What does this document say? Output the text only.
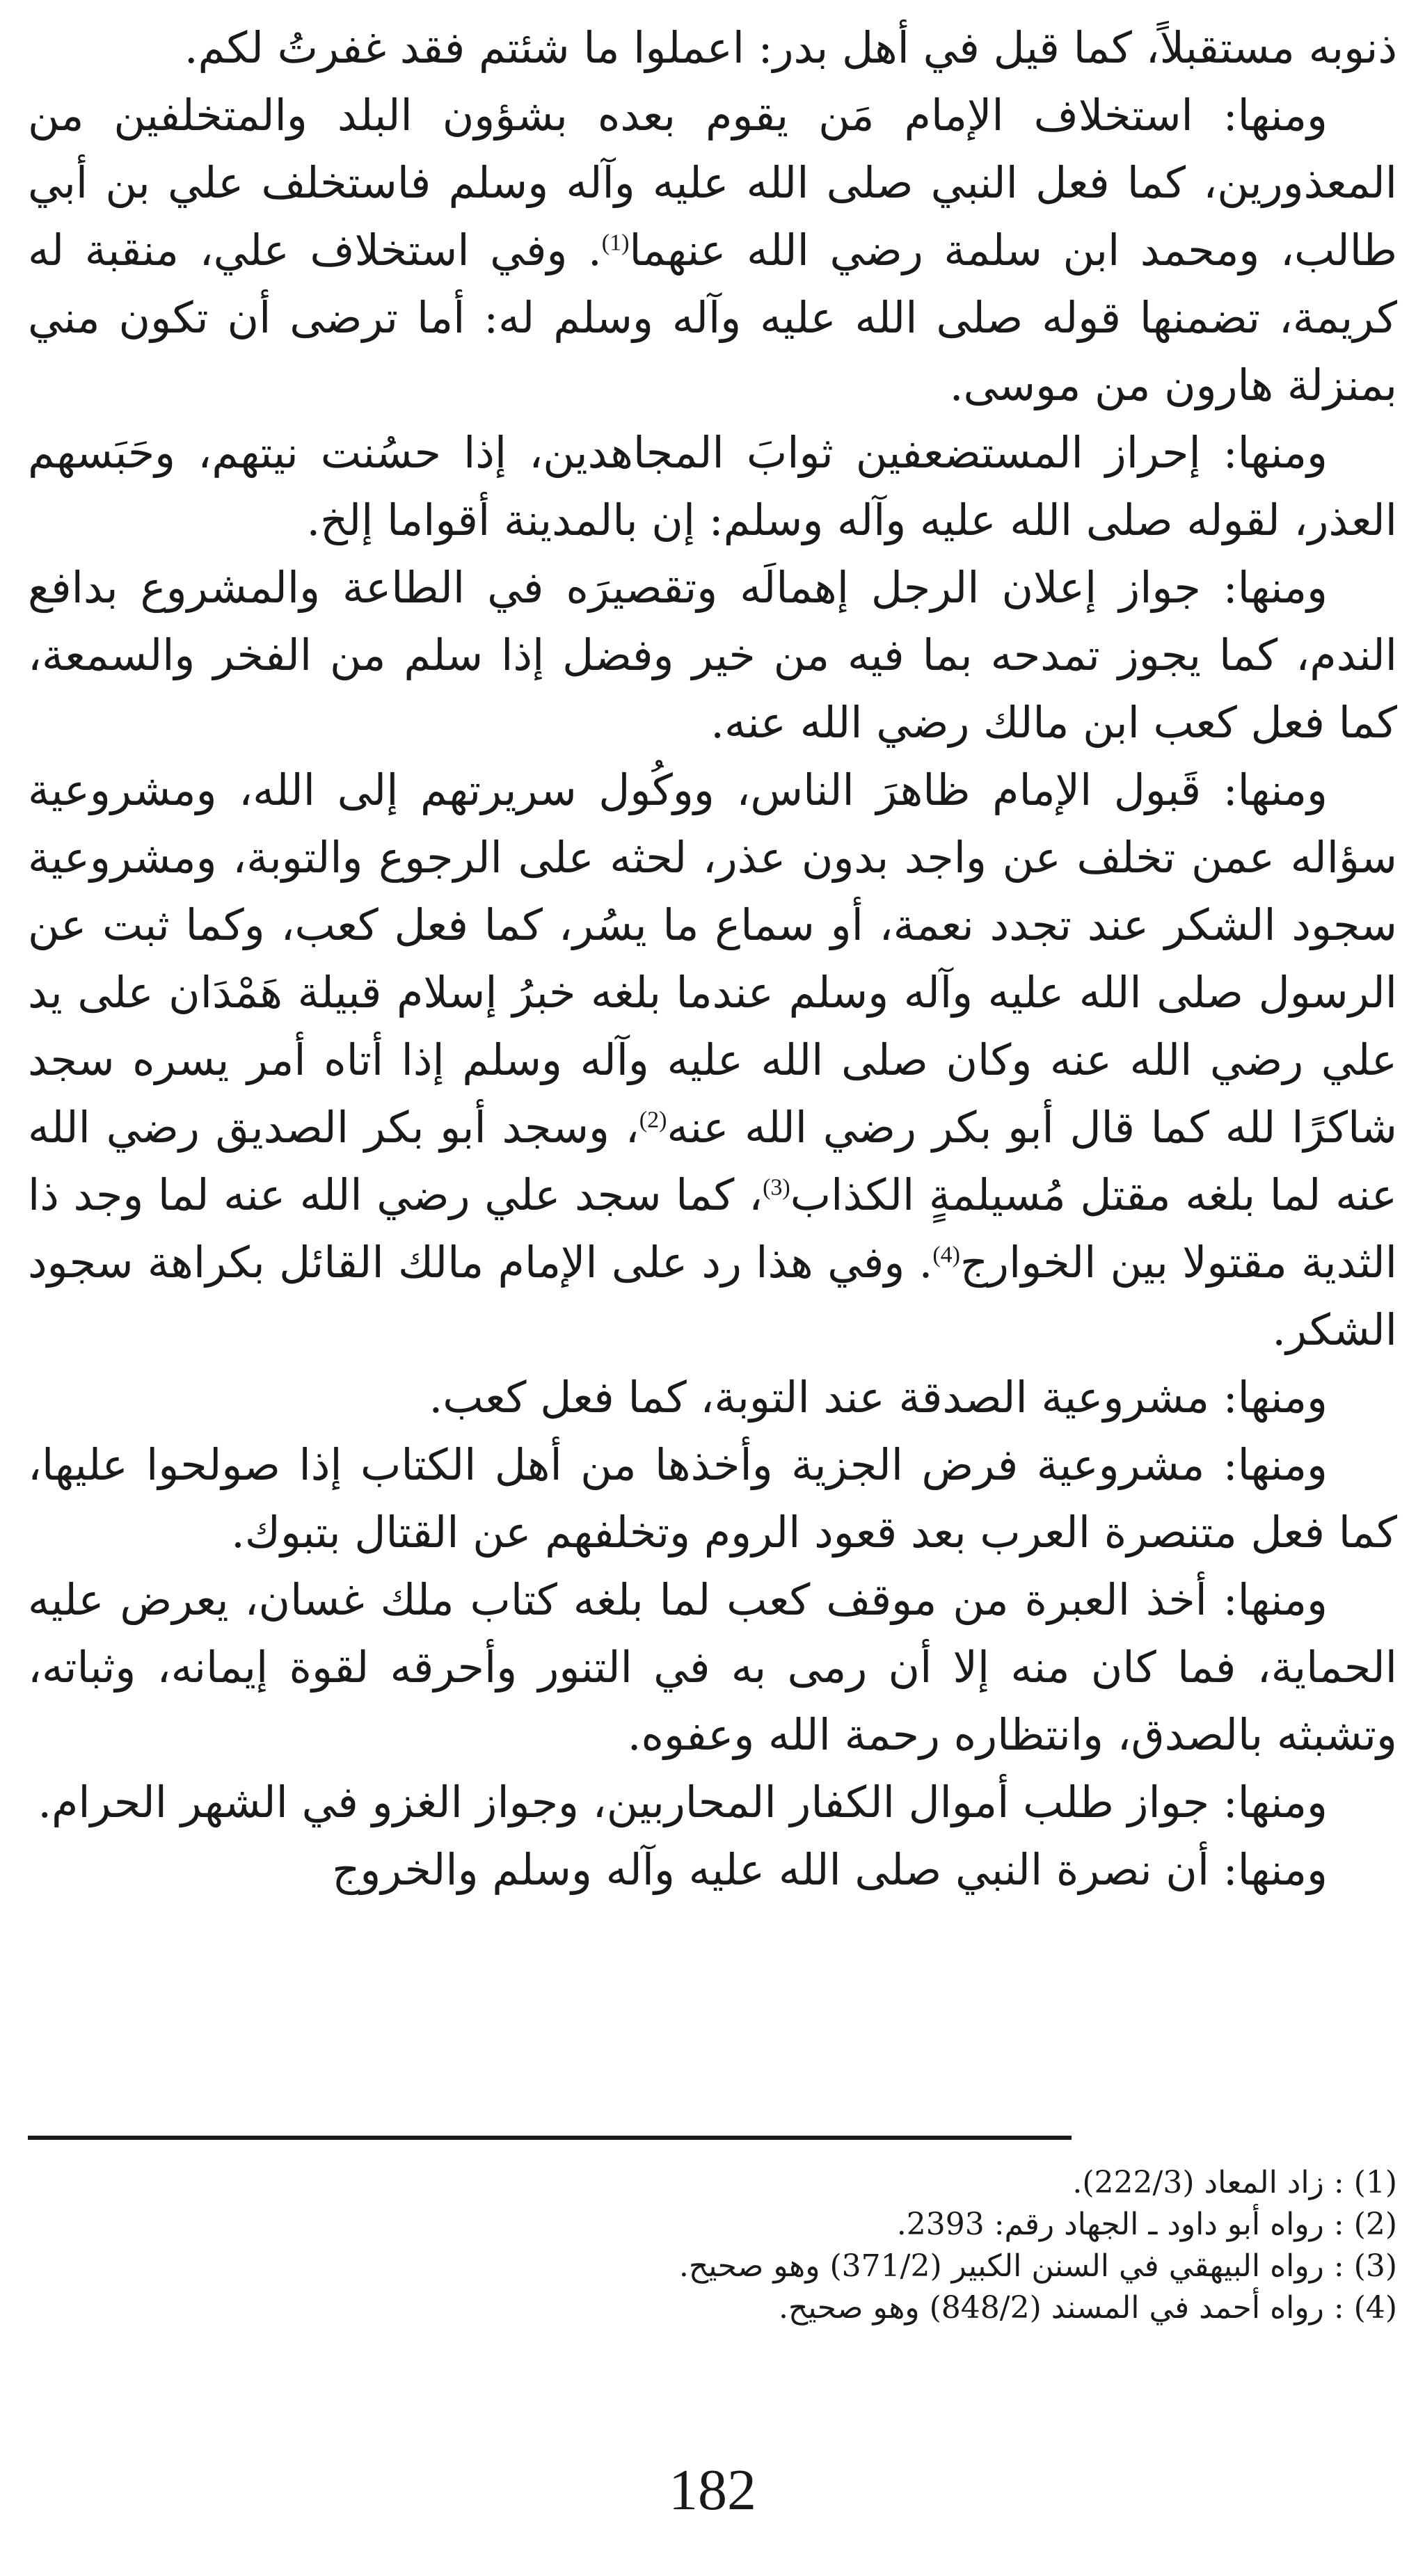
ذنوبه مستقبلاً، كما قيل في أهل بدر: اعملوا ما شئتم فقد غفرتُ لكم.

ومنها: استخلاف الإمام مَن يقوم بعده بشؤون البلد والمتخلفين من المعذورين، كما فعل النبي صلى الله عليه وآله وسلم فاستخلف علي بن أبي طالب، ومحمد ابن سلمة رضي الله عنهما$^{(1)}$. وفي استخلاف علي، منقبة له كريمة، تضمنها قوله صلى الله عليه وآله وسلم له: أما ترضى أن تكون مني بمنزلة هارون من موسى.

ومنها: إحراز المستضعفين ثوابَ المجاهدين، إذا حسُنت نيتهم، وحَبَسهم العذر، لقوله صلى الله عليه وآله وسلم: إن بالمدينة أقواما إلخ.

ومنها: جواز إعلان الرجل إهمالَه وتقصيرَه في الطاعة والمشروع بدافع الندم، كما يجوز تمدحه بما فيه من خير وفضل إذا سلم من الفخر والسمعة، كما فعل كعب ابن مالك رضي الله عنه.

ومنها: قَبول الإمام ظاهرَ الناس، ووكُول سريرتهم إلى الله، ومشروعية سؤاله عمن تخلف عن واجد بدون عذر، لحثه على الرجوع والتوبة، ومشروعية سجود الشكر عند تجدد نعمة، أو سماع ما يسُر، كما فعل كعب، وكما ثبت عن الرسول صلى الله عليه وآله وسلم عندما بلغه خبرُ إسلام قبيلة هَمْدَان على يد علي رضي الله عنه وكان صلى الله عليه وآله وسلم إذا أتاه أمر يسره سجد شاكرًا لله كما قال أبو بكر رضي الله عنه$^{(2)}$، وسجد أبو بكر الصديق رضي الله عنه لما بلغه مقتل مُسيلمةٍ الكذاب$^{(3)}$، كما سجد علي رضي الله عنه لما وجد ذا الثدية مقتولا بين الخوارج$^{(4)}$. وفي هذا رد على الإمام مالك القائل بكراهة سجود الشكر.

ومنها: مشروعية الصدقة عند التوبة، كما فعل كعب.

ومنها: مشروعية فرض الجزية وأخذها من أهل الكتاب إذا صولحوا عليها، كما فعل متنصرة العرب بعد قعود الروم وتخلفهم عن القتال بتبوك.

ومنها: أخذ العبرة من موقف كعب لما بلغه كتاب ملك غسان، يعرض عليه الحماية، فما كان منه إلا أن رمى به في التنور وأحرقه لقوة إيمانه، وثباته، وتشبثه بالصدق، وانتظاره رحمة الله وعفوه.

ومنها: جواز طلب أموال الكفار المحاربين، وجواز الغزو في الشهر الحرام.

ومنها: أن نصرة النبي صلى الله عليه وآله وسلم والخروج

(1) : زاد المعاد (222/3).

(2) : رواه أبو داود ـ الجهاد رقم: 2393.

(3) : رواه البيهقي في السنن الكبير (371/2) وهو صحيح.

(4) : رواه أحمد في المسند (848/2) وهو صحيح.

182
